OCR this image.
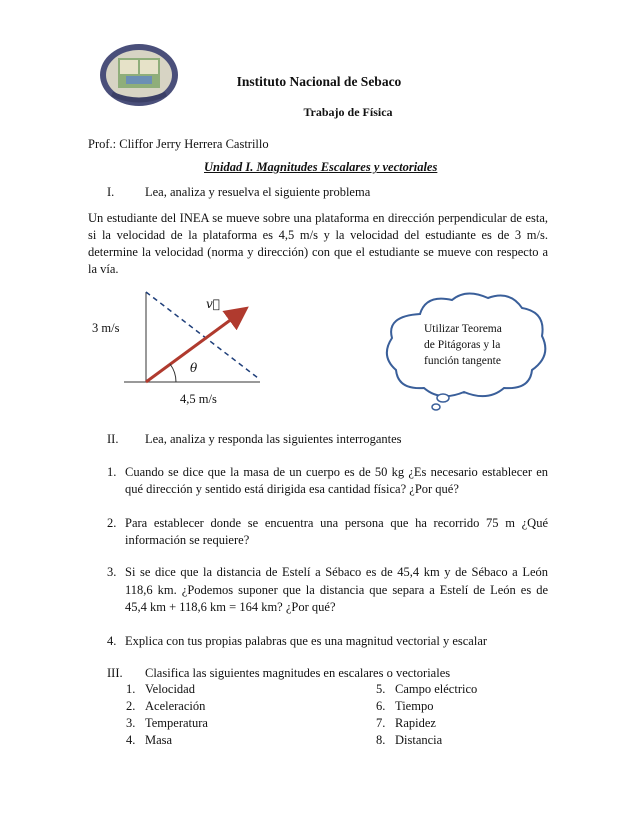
Instituto Nacional de Sebaco
Trabajo de Física
Prof.: Cliffor Jerry Herrera Castrillo
Unidad I. Magnitudes Escalares y vectoriales
I. Lea, analiza y resuelva el siguiente problema
Un estudiante del INEA se mueve sobre una plataforma en dirección perpendicular de esta,
si la velocidad de la plataforma es 4,5 m/s y la velocidad del estudiante es de 3 m/s.
determine la velocidad (norma y dirección) con que el estudiante se mueve con respecto a
la vía.
v⃗
θ
3 m/s
4,5 m/s
Utilizar Teorema
de Pitágoras y la
función tangente
II. Lea, analiza y responda las siguientes interrogantes
1. Cuando se dice que la masa de un cuerpo es de 50 kg ¿Es necesario establecer en
qué dirección y sentido está dirigida esa cantidad física? ¿Por qué?
2. Para establecer donde se encuentra una persona que ha recorrido 75 m ¿Qué
información se requiere?
3. Si se dice que la distancia de Estelí a Sébaco es de 45,4 km y de Sébaco a León
118,6 km. ¿Podemos suponer que la distancia que separa a Estelí de León es de
45,4 km + 118,6 km = 164 km? ¿Por qué?
4. Explica con tus propias palabras que es una magnitud vectorial y escalar
III. Clasifica las siguientes magnitudes en escalares o vectoriales
1. Velocidad
2. Aceleración
3. Temperatura
4. Masa
5. Campo eléctrico
6. Tiempo
7. Rapidez
8. Distancia
